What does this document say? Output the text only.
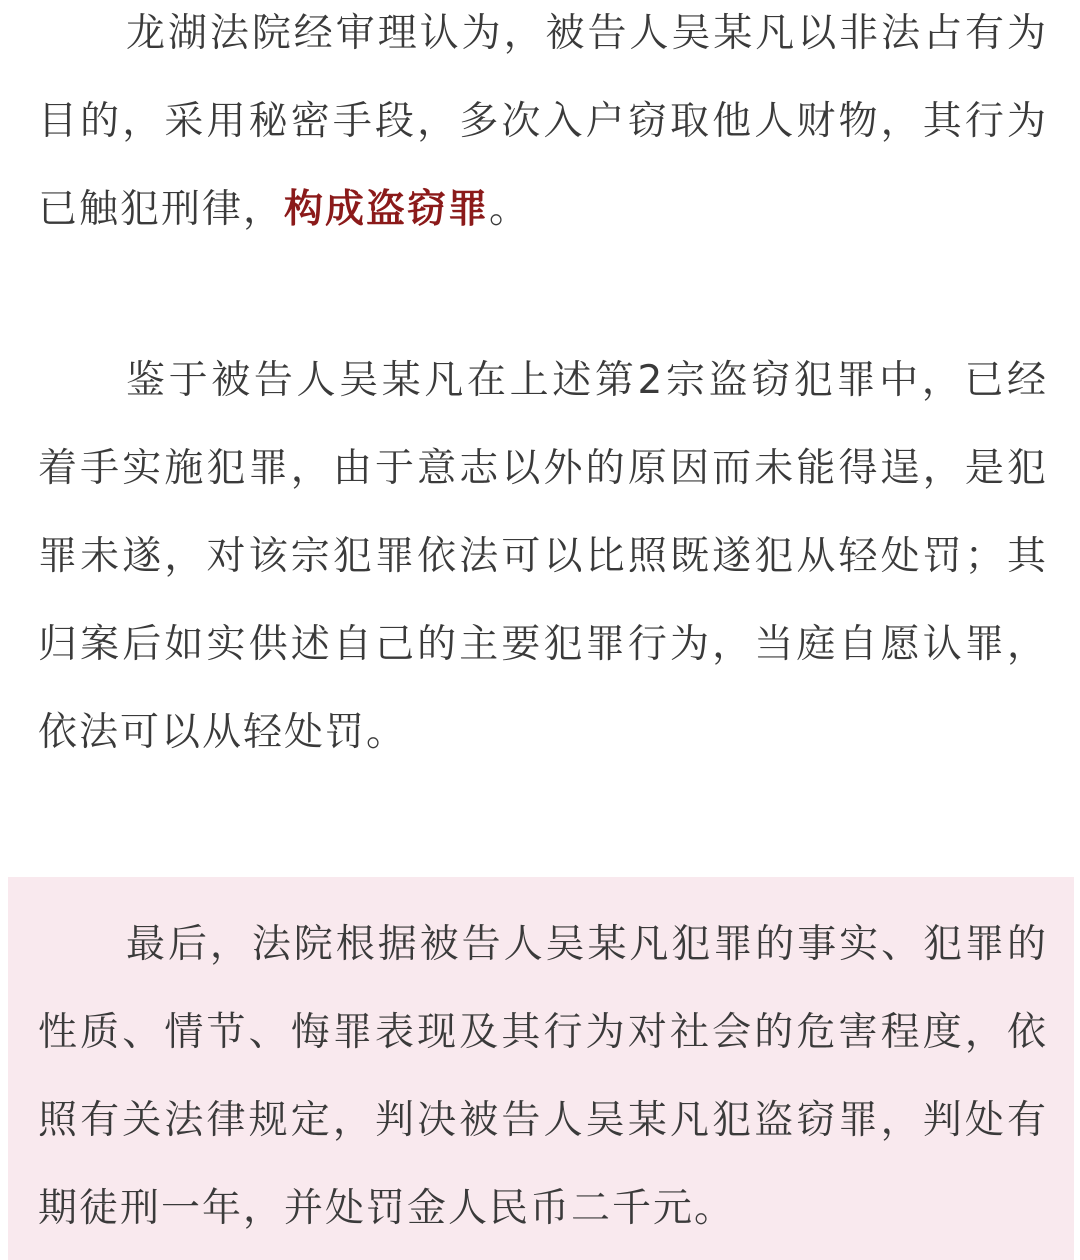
龙湖法院经审理认为，被告人吴某凡以非法占有为目的，采用秘密手段，多次入户窃取他人财物，其行为已触犯刑律，构成盗窃罪。

鉴于被告人吴某凡在上述第2宗盗窃犯罪中，已经着手实施犯罪，由于意志以外的原因而未能得逞，是犯罪未遂，对该宗犯罪依法可以比照既遂犯从轻处罚；其归案后如实供述自己的主要犯罪行为，当庭自愿认罪，依法可以从轻处罚。

最后，法院根据被告人吴某凡犯罪的事实、犯罪的性质、情节、悔罪表现及其行为对社会的危害程度，依照有关法律规定，判决被告人吴某凡犯盗窃罪，判处有期徒刑一年，并处罚金人民币二千元。
